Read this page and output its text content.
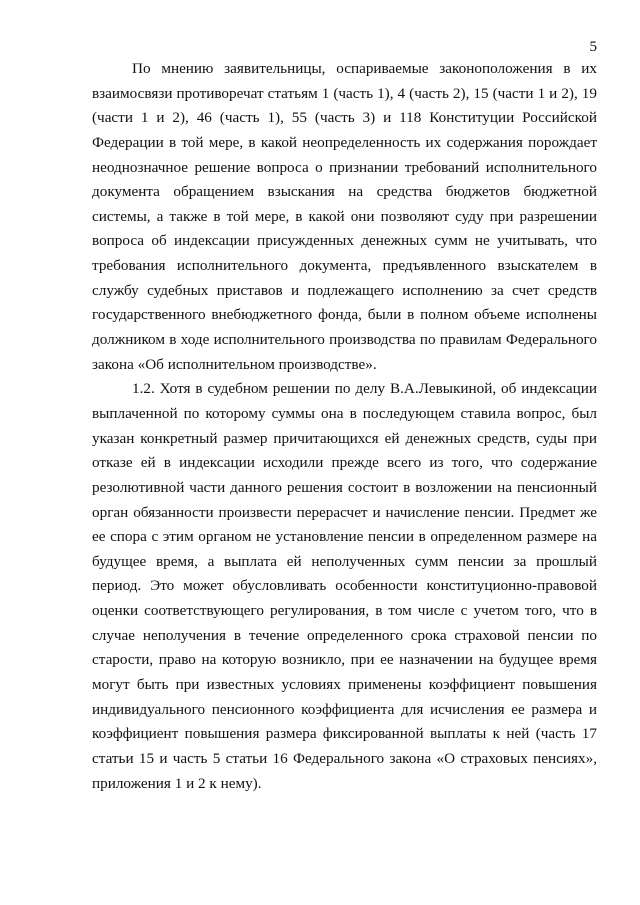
5
По мнению заявительницы, оспариваемые законоположения в их
взаимосвязи противоречат статьям 1 (часть 1), 4 (часть 2), 15 (части 1 и 2), 19
(части 1 и 2), 46 (часть 1), 55 (часть 3) и 118 Конституции Российской
Федерации в той мере, в какой неопределенность их содержания порождает
неоднозначное решение вопроса о признании требований исполнительного
документа обращением взыскания на средства бюджетов бюджетной
системы, а также в той мере, в какой они позволяют суду при разрешении
вопроса об индексации присужденных денежных сумм не учитывать, что
требования исполнительного документа, предъявленного взыскателем в
службу судебных приставов и подлежащего исполнению за счет средств
государственного внебюджетного фонда, были в полном объеме исполнены
должником в ходе исполнительного производства по правилам Федерального
закона «Об исполнительном производстве».
1.2. Хотя в судебном решении по делу В.А.Левыкиной, об индексации
выплаченной по которому суммы она в последующем ставила вопрос, был
указан конкретный размер причитающихся ей денежных средств, суды при
отказе ей в индексации исходили прежде всего из того, что содержание
резолютивной части данного решения состоит в возложении на пенсионный
орган обязанности произвести перерасчет и начисление пенсии. Предмет же
ее спора с этим органом не установление пенсии в определенном размере на
будущее время, а выплата ей неполученных сумм пенсии за прошлый
период. Это может обусловливать особенности конституционно-правовой
оценки соответствующего регулирования, в том числе с учетом того, что в
случае неполучения в течение определенного срока страховой пенсии по
старости, право на которую возникло, при ее назначении на будущее время
могут быть при известных условиях применены коэффициент повышения
индивидуального пенсионного коэффициента для исчисления ее размера и
коэффициент повышения размера фиксированной выплаты к ней (часть 17
статьи 15 и часть 5 статьи 16 Федерального закона «О страховых пенсиях»,
приложения 1 и 2 к нему).
